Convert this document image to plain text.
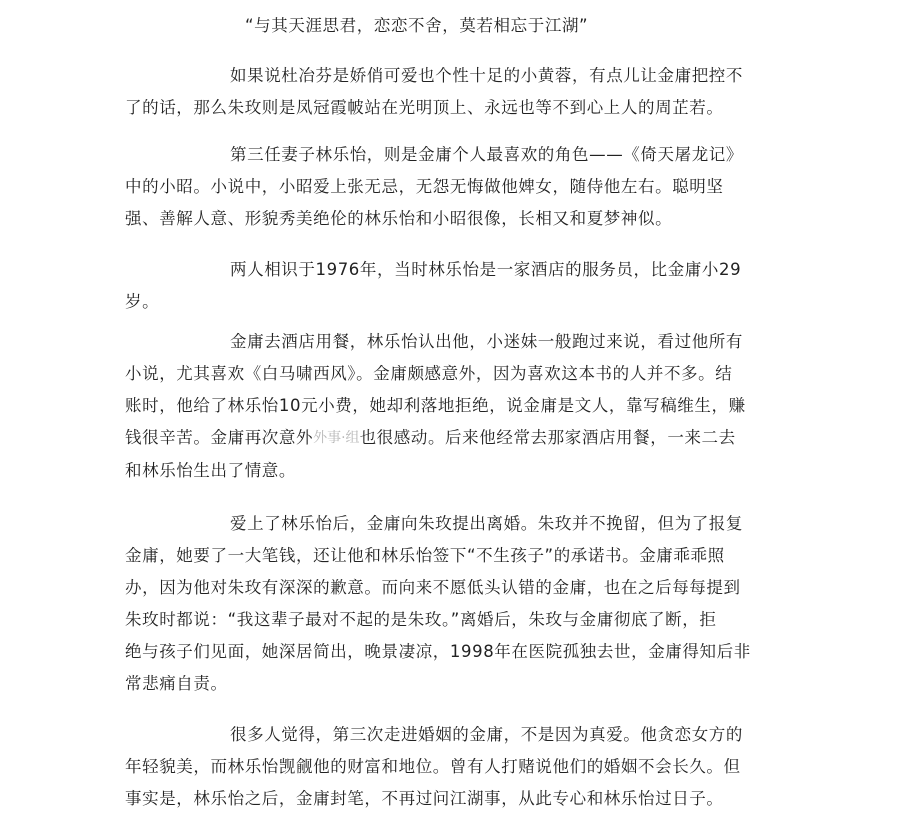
“与其天涯思君，恋恋不舍，莫若相忘于江湖”
如果说杜冶芬是娇俏可爱也个性十足的小黄蓉，有点儿让金庸把控不
了的话，那么朱玫则是凤冠霞帔站在光明顶上、永远也等不到心上人的周芷若。
第三任妻子林乐怡，则是金庸个人最喜欢的角色——《倚天屠龙记》
中的小昭。小说中，小昭爱上张无忌，无怨无悔做他婢女，随侍他左右。聪明坚
强、善解人意、形貌秀美绝伦的林乐怡和小昭很像，长相又和夏梦神似。
两人相识于1976年，当时林乐怡是一家酒店的服务员，比金庸小29
岁。
金庸去酒店用餐，林乐怡认出他，小迷妹一般跑过来说，看过他所有
小说，尤其喜欢《白马啸西风》。金庸颇感意外，因为喜欢这本书的人并不多。结
账时，他给了林乐怡10元小费，她却利落地拒绝，说金庸是文人，靠写稿维生，赚
钱很辛苦。金庸再次意外外事·组也很感动。后来他经常去那家酒店用餐，一来二去
和林乐怡生出了情意。
爱上了林乐怡后，金庸向朱玫提出离婚。朱玫并不挽留，但为了报复
金庸，她要了一大笔钱，还让他和林乐怡签下“不生孩子”的承诺书。金庸乖乖照
办，因为他对朱玫有深深的歉意。而向来不愿低头认错的金庸，也在之后每每提到
朱玫时都说：“我这辈子最对不起的是朱玫。”离婚后，朱玫与金庸彻底了断，拒
绝与孩子们见面，她深居简出，晚景凄凉，1998年在医院孤独去世，金庸得知后非
常悲痛自责。
很多人觉得，第三次走进婚姻的金庸，不是因为真爱。他贪恋女方的
年轻貌美，而林乐怡觊觎他的财富和地位。曾有人打赌说他们的婚姻不会长久。但
事实是，林乐怡之后，金庸封笔，不再过问江湖事，从此专心和林乐怡过日子。
